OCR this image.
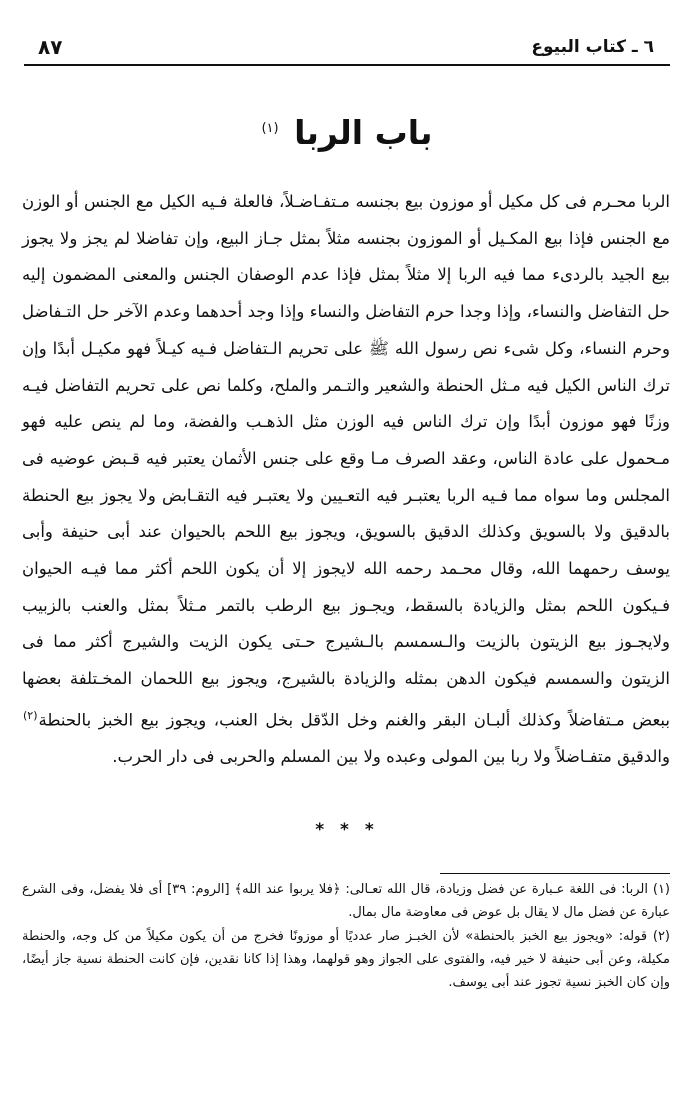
٦ ـ كتاب البيوع
٨٧
باب الربا $^{(١)}$

الربا محـرم فى كل مكيل أو موزون بيع بجنسه مـتفـاضـلاً، فالعلة فـيه الكيل مع الجنس أو الوزن مع الجنس فإذا بيع المكـيل أو الموزون بجنسه مثلاً بمثل جـاز البيع، وإن تفاضلا لم يجز ولا يجوز بيع الجيد بالردىء مما فيه الربا إلا مثلاً بمثل فإذا عدم الوصفان الجنس والمعنى المضمون إليه حل التفاضل والنساء، وإذا وجدا حرم التفاضل والنساء وإذا وجد أحدهما وعدم الآخر حل التـفاضل وحرم النساء، وكل شىء نص رسول الله ﷺ على تحريم الـتفاضل فـيه كيـلاً فهو مكيـل أبدًا وإن ترك الناس الكيل فيه مـثل الحنطة والشعير والتـمر والملح، وكلما نص على تحريم التفاضل فيـه وزنًا فهو موزون أبدًا وإن ترك الناس فيه الوزن مثل الذهـب والفضة، وما لم ينص عليه فهو مـحمول على عادة الناس، وعقد الصرف مـا وقع على جنس الأثمان يعتبر فيه قـبض عوضيه فى المجلس وما سواه مما فـيه الربا يعتبـر فيه التعـيين ولا يعتبـر فيه التقـابض ولا يجوز بيع الحنطة بالدقيق ولا بالسويق وكذلك الدقيق بالسويق، ويجوز بيع اللحم بالحيوان عند أبى حنيفة وأبى يوسف رحمهما الله، وقال محـمد رحمه الله لايجوز إلا أن يكون اللحم أكثر مما فيـه الحيوان فـيكون اللحم بمثل والزيادة بالسقط، ويجـوز بيع الرطب بالتمر مـثلاً بمثل والعنب بالزبيب ولايجـوز بيع الزيتون بالزيت والـسمسم بالـشيرج حـتى يكون الزيت والشيرج أكثر مما فى الزيتون والسمسم فيكون الدهن بمثله والزيادة بالشيرج، ويجوز بيع اللحمان المخـتلفة بعضها ببعض مـتفاضلاً وكذلك ألبـان البقر والغنم وخل الدّقل بخل العنب، ويجوز بيع الخبز بالحنطة$^{(٢)}$ والدقيق متفـاضلاً ولا ربا بين المولى وعبده ولا بين المسلم والحربى فى دار الحرب.

* * *

(١) الربا: فى اللغة عـبارة عن فضل وزيادة، قال الله تعـالى: ﴿فلا يربوا عند الله﴾ [الروم: ٣٩] أى فلا يفضل، وفى الشرع عبارة عن فضل مال لا يقال بل عوض فى معاوضة مال بمال.

(٢) قوله: «ويجوز بيع الخبز بالحنطة» لأن الخبـز صار عدديًا أو موزونًا فخرج من أن يكون مكيلاً من كل وجه، والحنطة مكيلة، وعن أبى حنيفة لا خير فيه، والفتوى على الجواز وهو قولهما، وهذا إذا كانا نقدين، فإن كانت الحنطة نسية جاز أيضًا، وإن كان الخبز نسية تجوز عند أبى يوسف.
